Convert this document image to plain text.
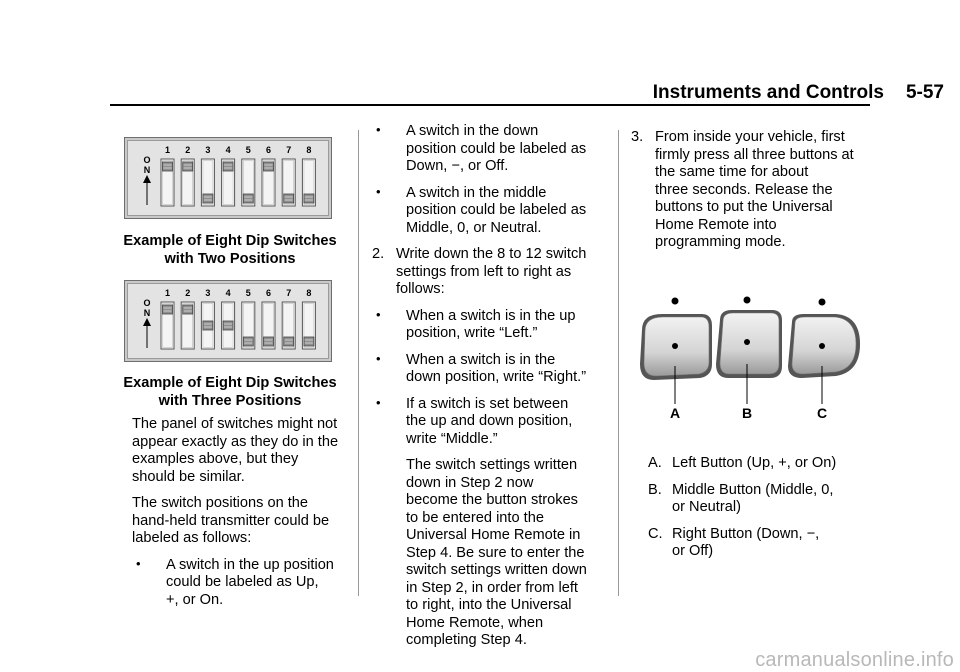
Instruments and Controls 5-57
O
N
1 2 3 4 5 6 7 8
O
N
1 2 3 4 5 6 7 8

Example of Eight Dip Switches

with Two Positions

Example of Eight Dip Switches

with Three Positions

The panel of switches might not

appear exactly as they do in the

examples above, but they

should be similar.

The switch positions on the

hand-held transmitter could be

labeled as follows:

• A switch in the up position

could be labeled as Up,

+, or On.

• A switch in the down

position could be labeled as

Down, −, or Off.

• A switch in the middle

position could be labeled as

Middle, 0, or Neutral.

2. Write down the 8 to 12 switch

settings from left to right as

follows:

• When a switch is in the up

position, write “Left.”

• When a switch is in the

down position, write “Right.”

• If a switch is set between

the up and down position,

write “Middle.”

The switch settings written

down in Step 2 now

become the button strokes

to be entered into the

Universal Home Remote in

Step 4. Be sure to enter the

switch settings written down

in Step 2, in order from left

to right, into the Universal

Home Remote, when

completing Step 4.

3. From inside your vehicle, first

firmly press all three buttons at

the same time for about

three seconds. Release the

buttons to put the Universal

Home Remote into

programming mode.

A	B	C
A. Left Button (Up, +, or On)

B. Middle Button (Middle, 0,

or Neutral)

C. Right Button (Down, −,

or Off)

carmanualsonline.info
